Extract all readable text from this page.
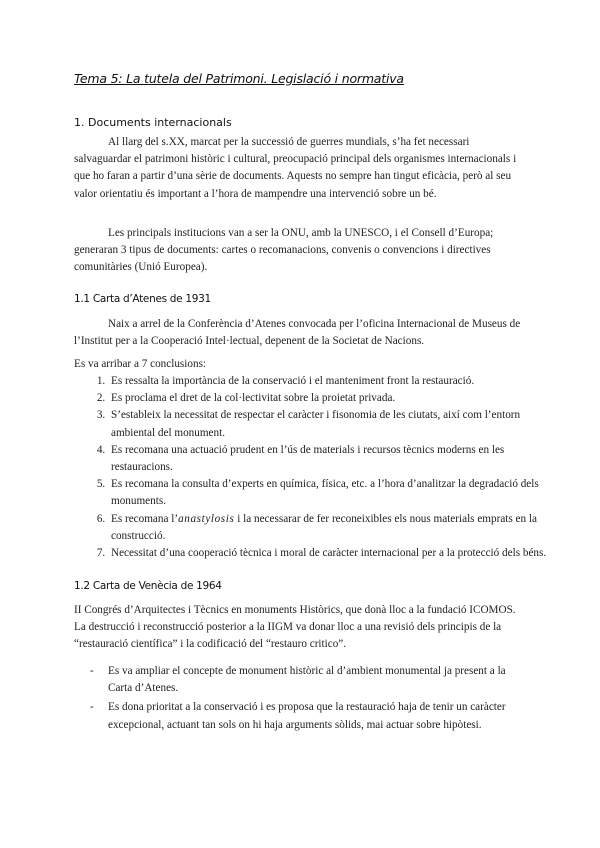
Tema 5: La tutela del Patrimoni. Legislació i normativa
1. Documents internacionals

Al llarg del s.XX, marcat per la successió de guerres mundials, s’ha fet necessari salvaguardar el patrimoni històric i cultural, preocupació principal dels organismes internacionals i que ho faran a partir d’una sèrie de documents. Aquests no sempre han tingut eficàcia, però al seu valor orientatiu és important a l’hora de mampendre una intervenció sobre un bé.

Les principals institucions van a ser la ONU, amb la UNESCO, i el Consell d’Europa; generaran 3 tipus de documents: cartes o recomanacions, convenis o convencions i directives comunitàries (Unió Europea).

1.1 Carta d’Atenes de 1931

Naix a arrel de la Conferència d’Atenes convocada per l’oficina Internacional de Museus de l’Institut per a la Cooperació Intel·lectual, depenent de la Societat de Nacions.

Es va arribar a 7 conclusions:

1. Es ressalta la importància de la conservació i el manteniment front la restauració.
2. Es proclama el dret de la col·lectivitat sobre la proietat privada.
3. S’estableix la necessitat de respectar el caràcter i fisonomia de les ciutats, així com l’entorn ambiental del monument.
4. Es recomana una actuació prudent en l’ús de materials i recursos tècnics moderns en les restauracions.
5. Es recomana la consulta d’experts en química, física, etc. a l’hora d’analitzar la degradació dels monuments.
6. Es recomana l’anastylosis i la necessarar de fer reconeixibles els nous materials emprats en la construcció.
7. Necessitat d’una cooperació tècnica i moral de caràcter internacional per a la protecció dels béns.
1.2 Carta de Venècia de 1964

II Congrés d’Arquitectes i Tècnics en monuments Històrics, que donà lloc a la fundació ICOMOS. La destrucció i reconstrucció posterior a la IIGM va donar lloc a una revisió dels principis de la “restauració científica” i la codificació del “restauro critico”.

- Es va ampliar el concepte de monument històric al d’ambient monumental ja present a la Carta d’Atenes.
- Es dona prioritat a la conservació i es proposa que la restauració haja de tenir un caràcter excepcional, actuant tan sols on hi haja arguments sòlids, mai actuar sobre hipòtesi.
